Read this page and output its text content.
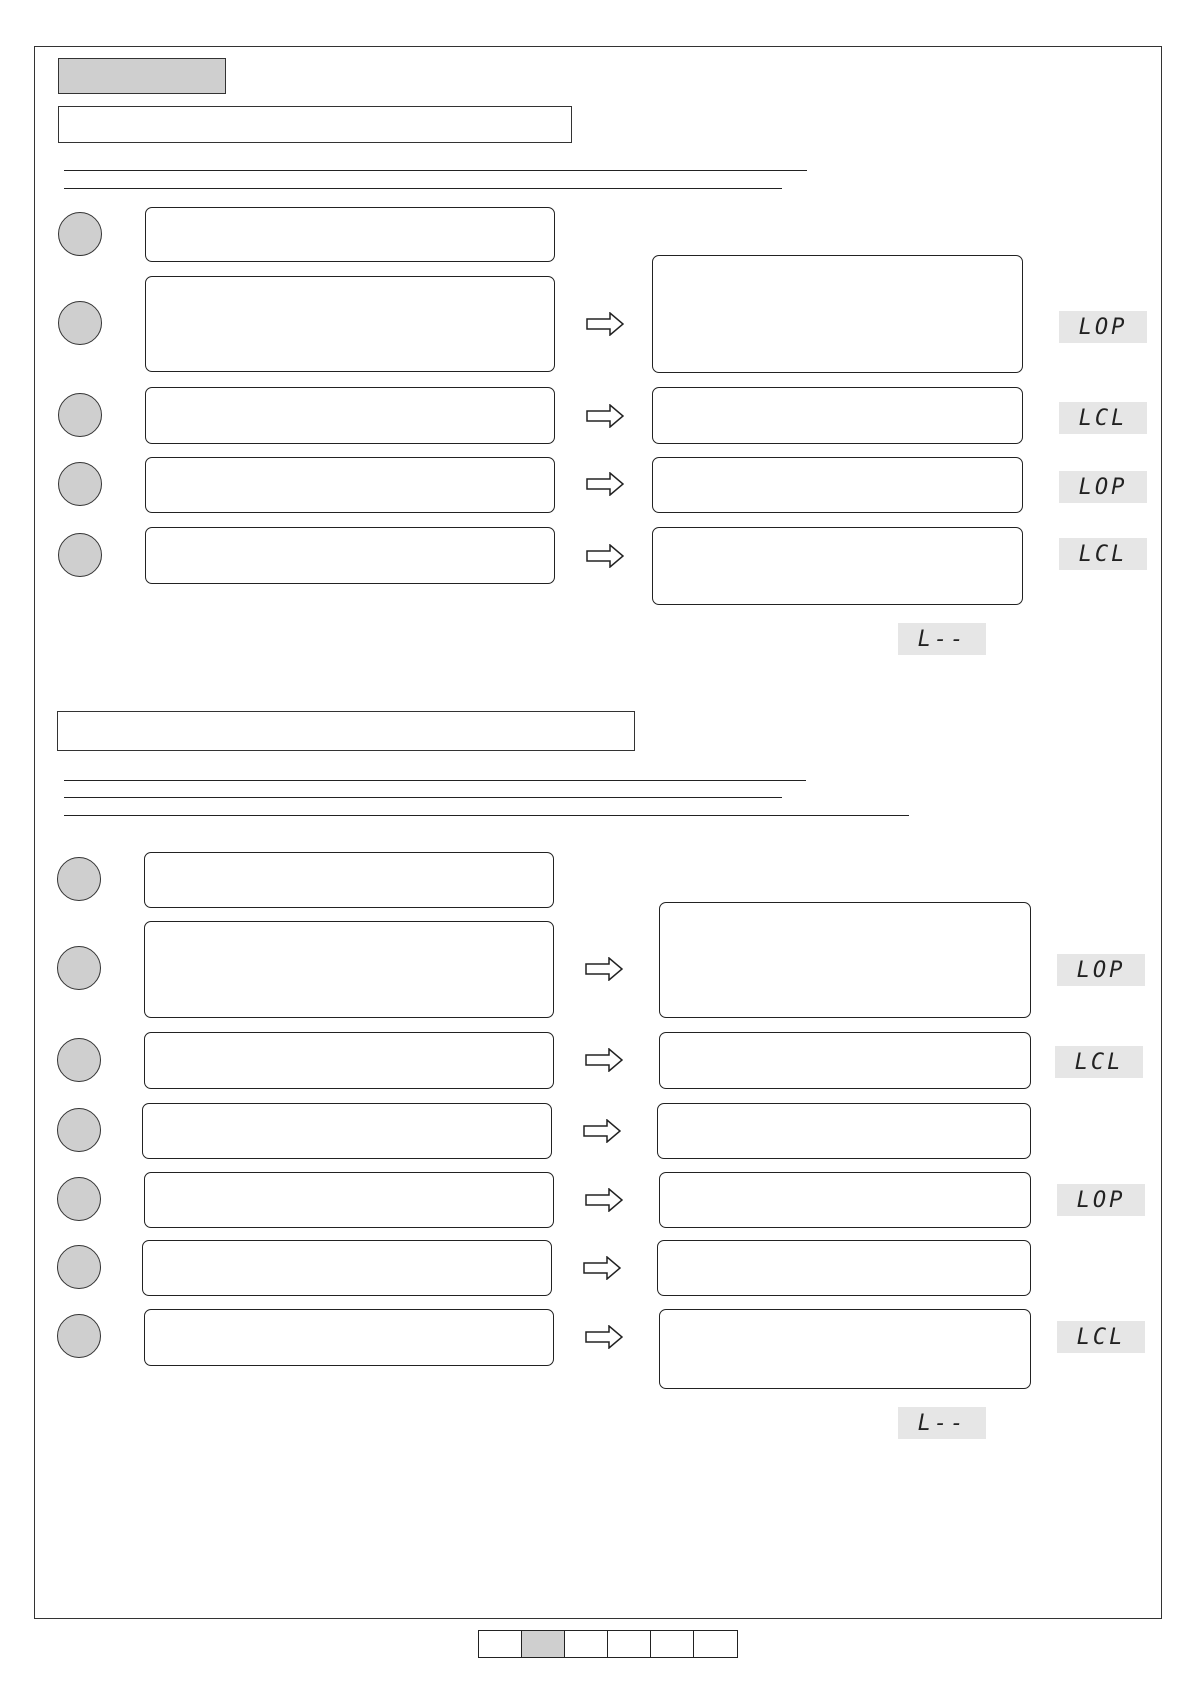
LOP
LCL
LOP
LCL
L--
LOP
LCL
LOP
LCL
L--
